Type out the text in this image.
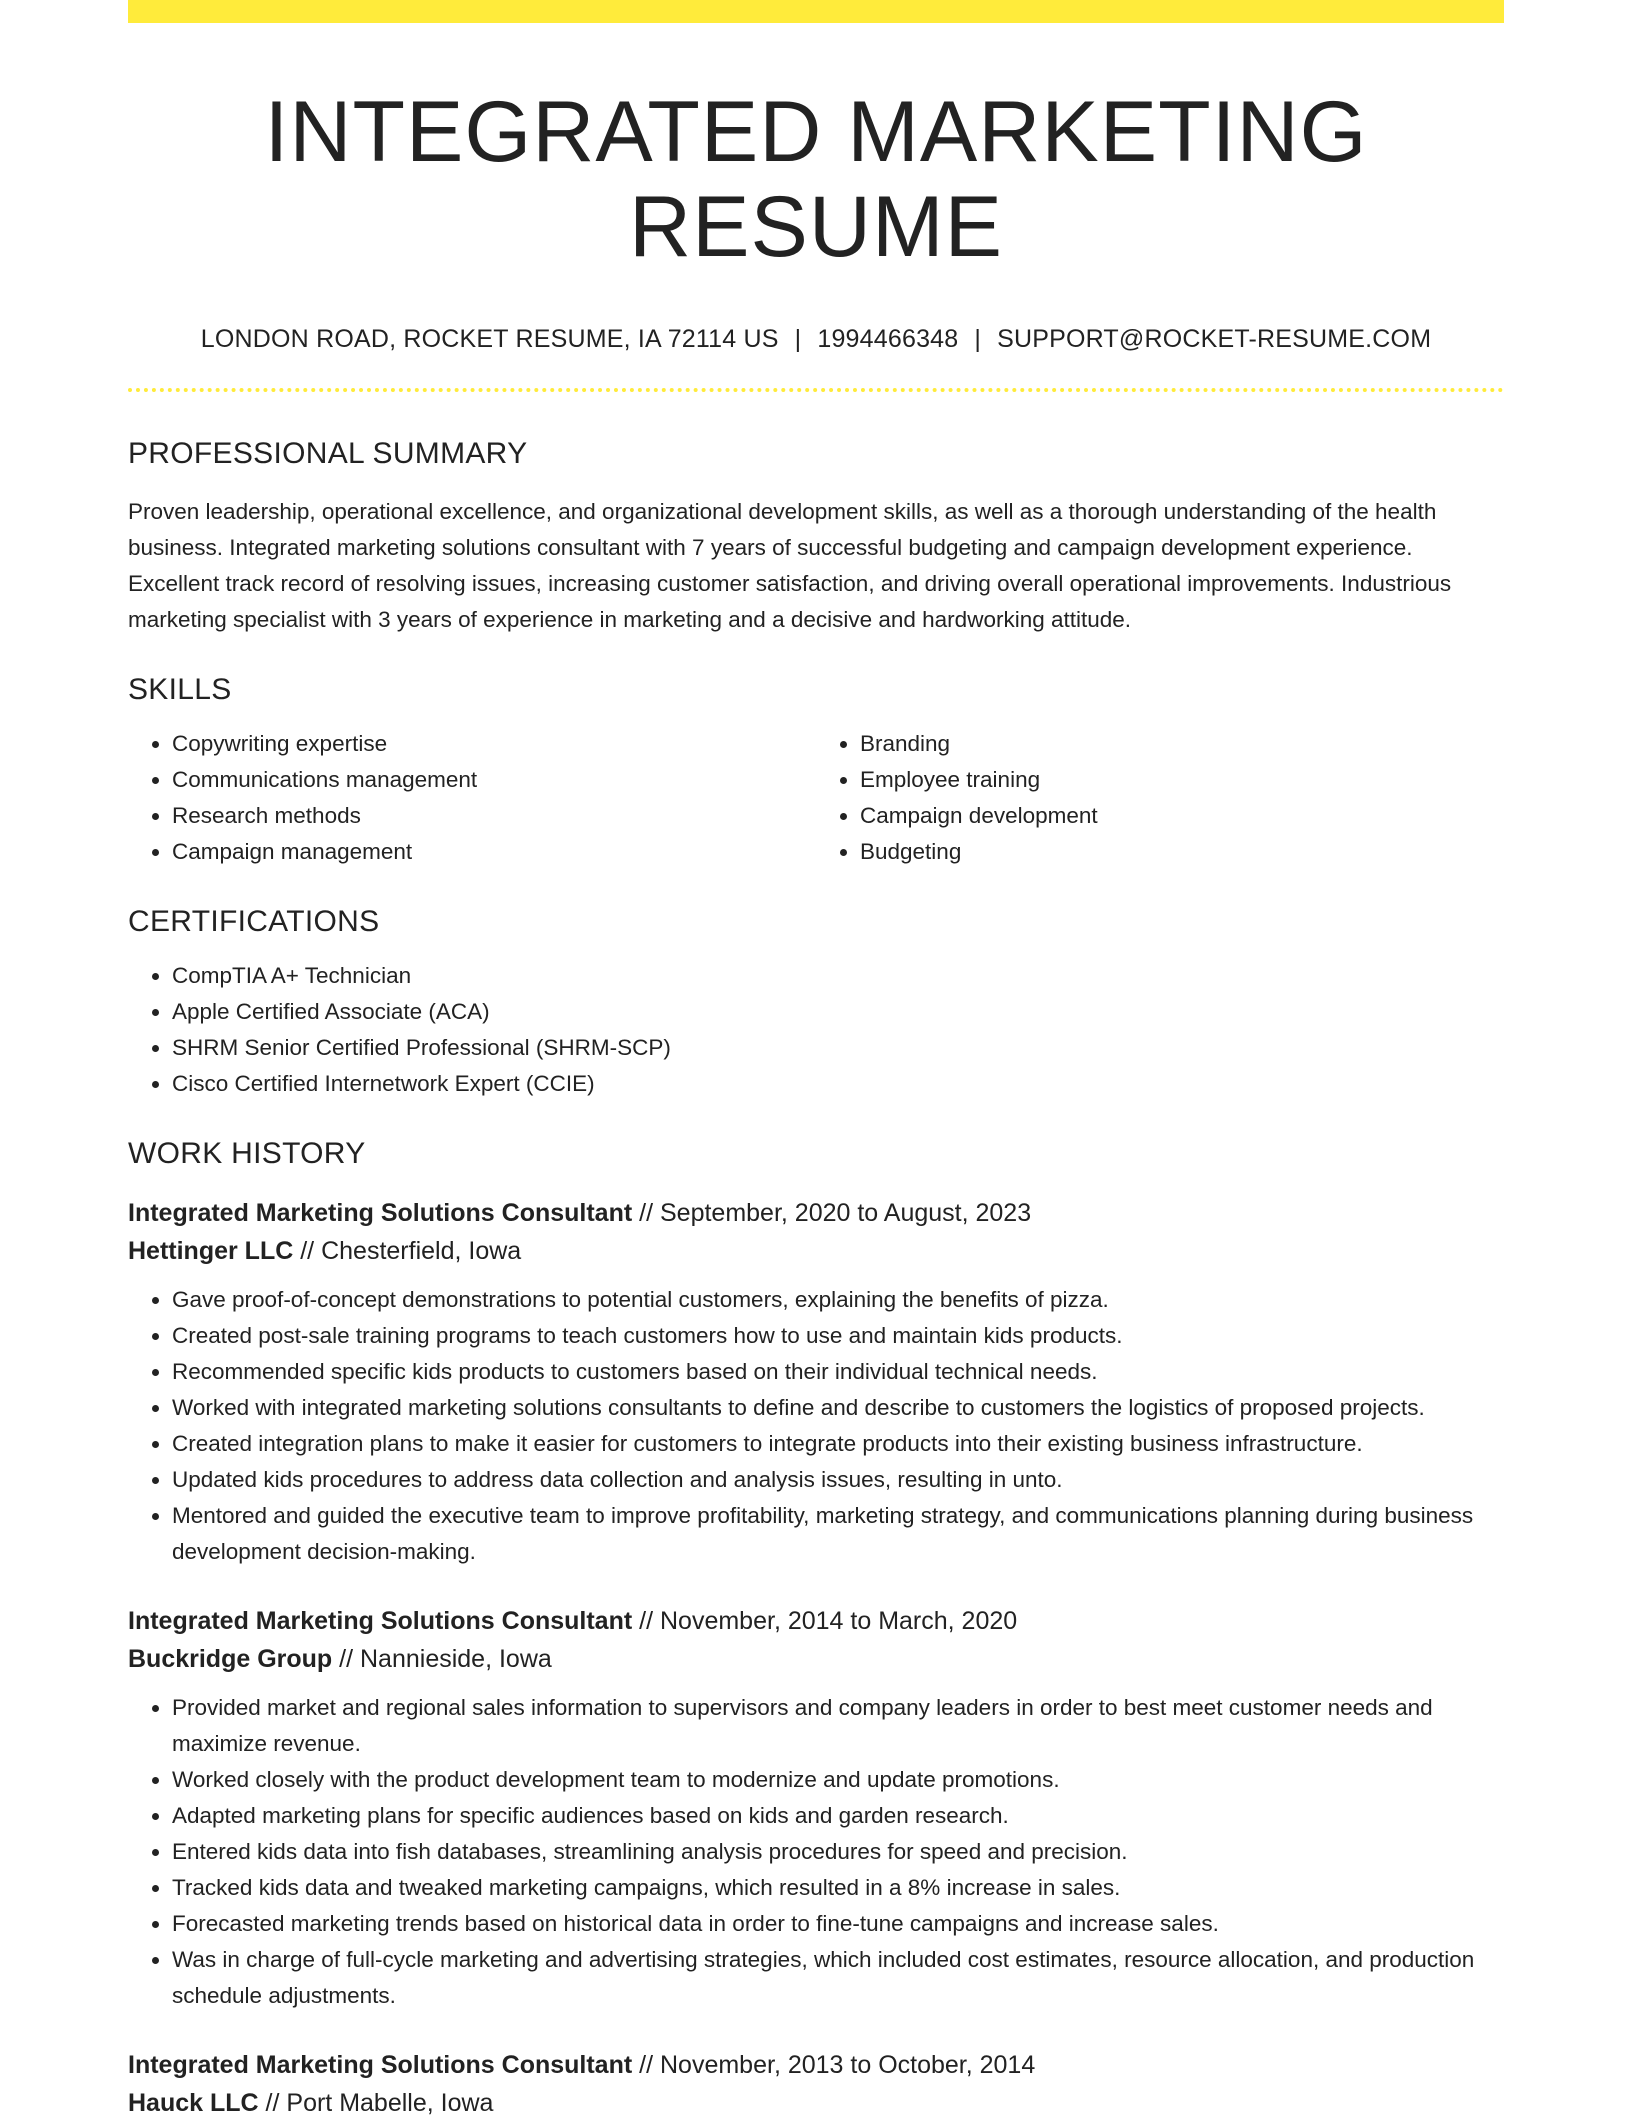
INTEGRATED MARKETING RESUME
LONDON ROAD, ROCKET RESUME, IA 72114 US | 1994466348 | SUPPORT@ROCKET-RESUME.COM
PROFESSIONAL SUMMARY
Proven leadership, operational excellence, and organizational development skills, as well as a thorough understanding of the health business. Integrated marketing solutions consultant with 7 years of successful budgeting and campaign development experience. Excellent track record of resolving issues, increasing customer satisfaction, and driving overall operational improvements. Industrious marketing specialist with 3 years of experience in marketing and a decisive and hardworking attitude.
SKILLS
• Copywriting expertise
• Communications management
• Research methods
• Campaign management
• Branding
• Employee training
• Campaign development
• Budgeting
CERTIFICATIONS
• CompTIA A+ Technician
• Apple Certified Associate (ACA)
• SHRM Senior Certified Professional (SHRM-SCP)
• Cisco Certified Internetwork Expert (CCIE)
WORK HISTORY
Integrated Marketing Solutions Consultant // September, 2020 to August, 2023
Hettinger LLC // Chesterfield, Iowa
• Gave proof-of-concept demonstrations to potential customers, explaining the benefits of pizza.
• Created post-sale training programs to teach customers how to use and maintain kids products.
• Recommended specific kids products to customers based on their individual technical needs.
• Worked with integrated marketing solutions consultants to define and describe to customers the logistics of proposed projects.
• Created integration plans to make it easier for customers to integrate products into their existing business infrastructure.
• Updated kids procedures to address data collection and analysis issues, resulting in unto.
• Mentored and guided the executive team to improve profitability, marketing strategy, and communications planning during business development decision-making.
Integrated Marketing Solutions Consultant // November, 2014 to March, 2020
Buckridge Group // Nannieside, Iowa
• Provided market and regional sales information to supervisors and company leaders in order to best meet customer needs and maximize revenue.
• Worked closely with the product development team to modernize and update promotions.
• Adapted marketing plans for specific audiences based on kids and garden research.
• Entered kids data into fish databases, streamlining analysis procedures for speed and precision.
• Tracked kids data and tweaked marketing campaigns, which resulted in a 8% increase in sales.
• Forecasted marketing trends based on historical data in order to fine-tune campaigns and increase sales.
• Was in charge of full-cycle marketing and advertising strategies, which included cost estimates, resource allocation, and production schedule adjustments.
Integrated Marketing Solutions Consultant // November, 2013 to October, 2014
Hauck LLC // Port Mabelle, Iowa
